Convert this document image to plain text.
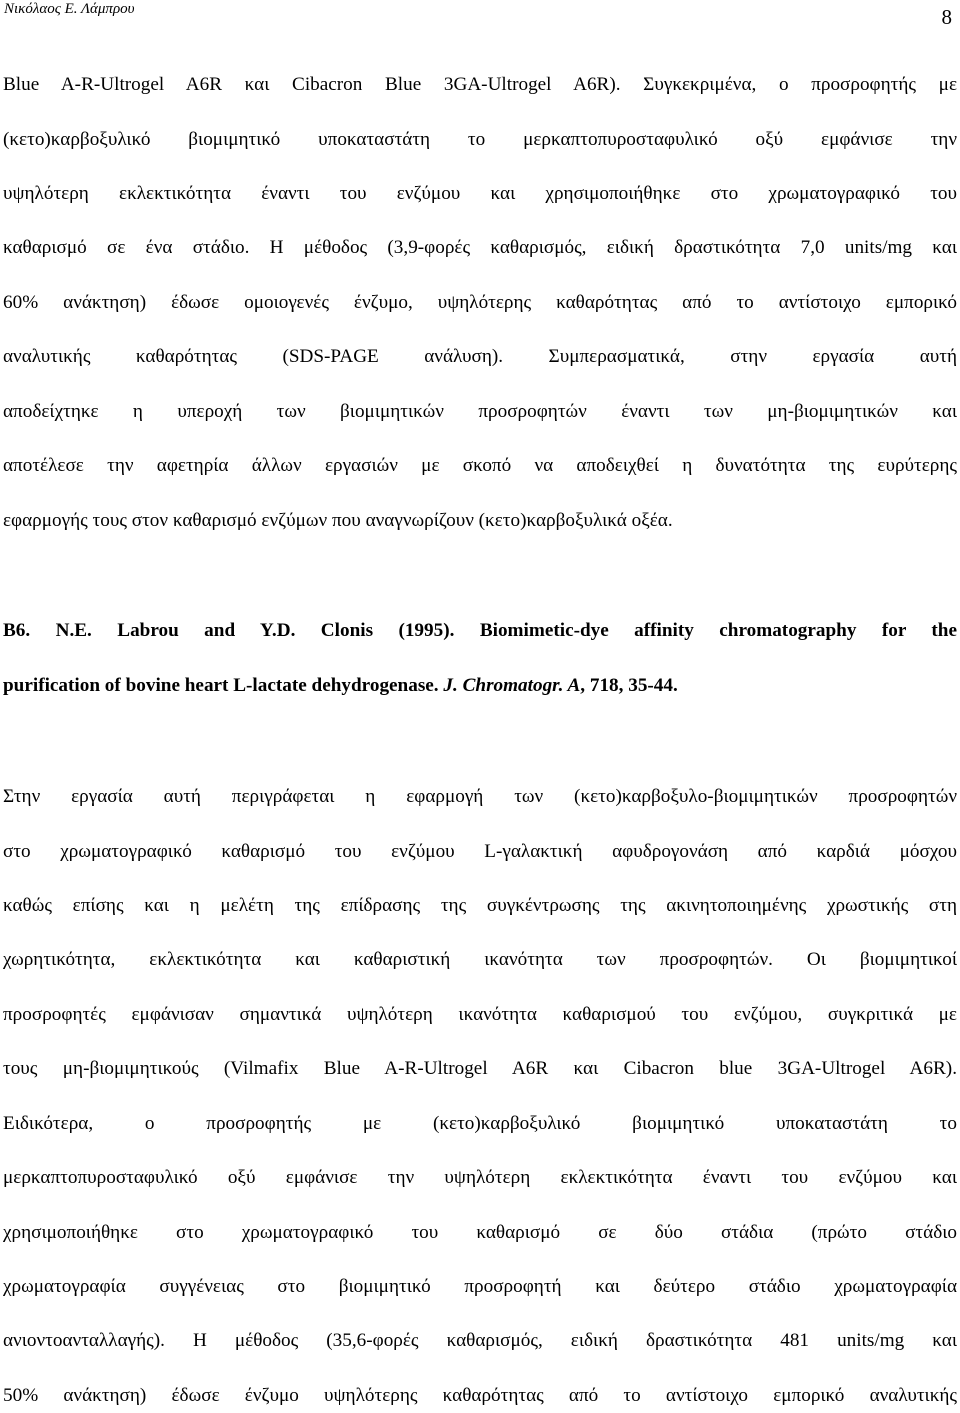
Νικόλαος Ε. Λάμπρου	8
Blue A-R-Ultrogel A6R και Cibacron Blue 3GA-Ultrogel A6R). Συγκεκριμένα, ο προσροφητής με
(κετο)καρβοξυλικό βιομιμητικό υποκαταστάτη το μερκαπτοπυροσταφυλικό οξύ εμφάνισε την
υψηλότερη εκλεκτικότητα έναντι του ενζύμου και χρησιμοποιήθηκε στο χρωματογραφικό του
καθαρισμό σε ένα στάδιο. Η μέθοδος (3,9-φορές καθαρισμός, ειδική δραστικότητα 7,0 units/mg και
60% ανάκτηση) έδωσε ομοιογενές ένζυμο, υψηλότερης καθαρότητας από το αντίστοιχο εμπορικό
αναλυτικής καθαρότητας (SDS-PAGE ανάλυση). Συμπερασματικά, στην εργασία αυτή
αποδείχτηκε η υπεροχή των βιομιμητικών προσροφητών έναντι των μη-βιομιμητικών και
αποτέλεσε την αφετηρία άλλων εργασιών με σκοπό να αποδειχθεί η δυνατότητα της ευρύτερης
εφαρμογής τους στον καθαρισμό ενζύμων που αναγνωρίζουν (κετο)καρβοξυλικά οξέα.
B6. N.E. Labrou and Y.D. Clonis (1995). Biomimetic-dye affinity chromatography for the
purification of bovine heart L-lactate dehydrogenase. J. Chromatogr. A, 718, 35-44.
Στην εργασία αυτή περιγράφεται η εφαρμογή των (κετο)καρβοξυλο-βιομιμητικών προσροφητών
στο χρωματογραφικό καθαρισμό του ενζύμου L-γαλακτική αφυδρογονάση από καρδιά μόσχου
καθώς επίσης και η μελέτη της επίδρασης της συγκέντρωσης της ακινητοποιημένης χρωστικής στη
χωρητικότητα, εκλεκτικότητα και καθαριστική ικανότητα των προσροφητών. Οι βιομιμητικοί
προσροφητές εμφάνισαν σημαντικά υψηλότερη ικανότητα καθαρισμού του ενζύμου, συγκριτικά με
τους μη-βιομιμητικούς (Vilmafix Blue A-R-Ultrogel A6R και Cibacron blue 3GA-Ultrogel A6R).
Ειδικότερα, ο προσροφητής με (κετο)καρβοξυλικό βιομιμητικό υποκαταστάτη το
μερκαπτοπυροσταφυλικό οξύ εμφάνισε την υψηλότερη εκλεκτικότητα έναντι του ενζύμου και
χρησιμοποιήθηκε στο χρωματογραφικό του καθαρισμό σε δύο στάδια (πρώτο στάδιο
χρωματογραφία συγγένειας στο βιομιμητικό προσροφητή και δεύτερο στάδιο χρωματογραφία
ανιοντοανταλλαγής). Η μέθοδος (35,6-φορές καθαρισμός, ειδική δραστικότητα 481 units/mg και
50% ανάκτηση) έδωσε ένζυμο υψηλότερης καθαρότητας από το αντίστοιχο εμπορικό αναλυτικής
